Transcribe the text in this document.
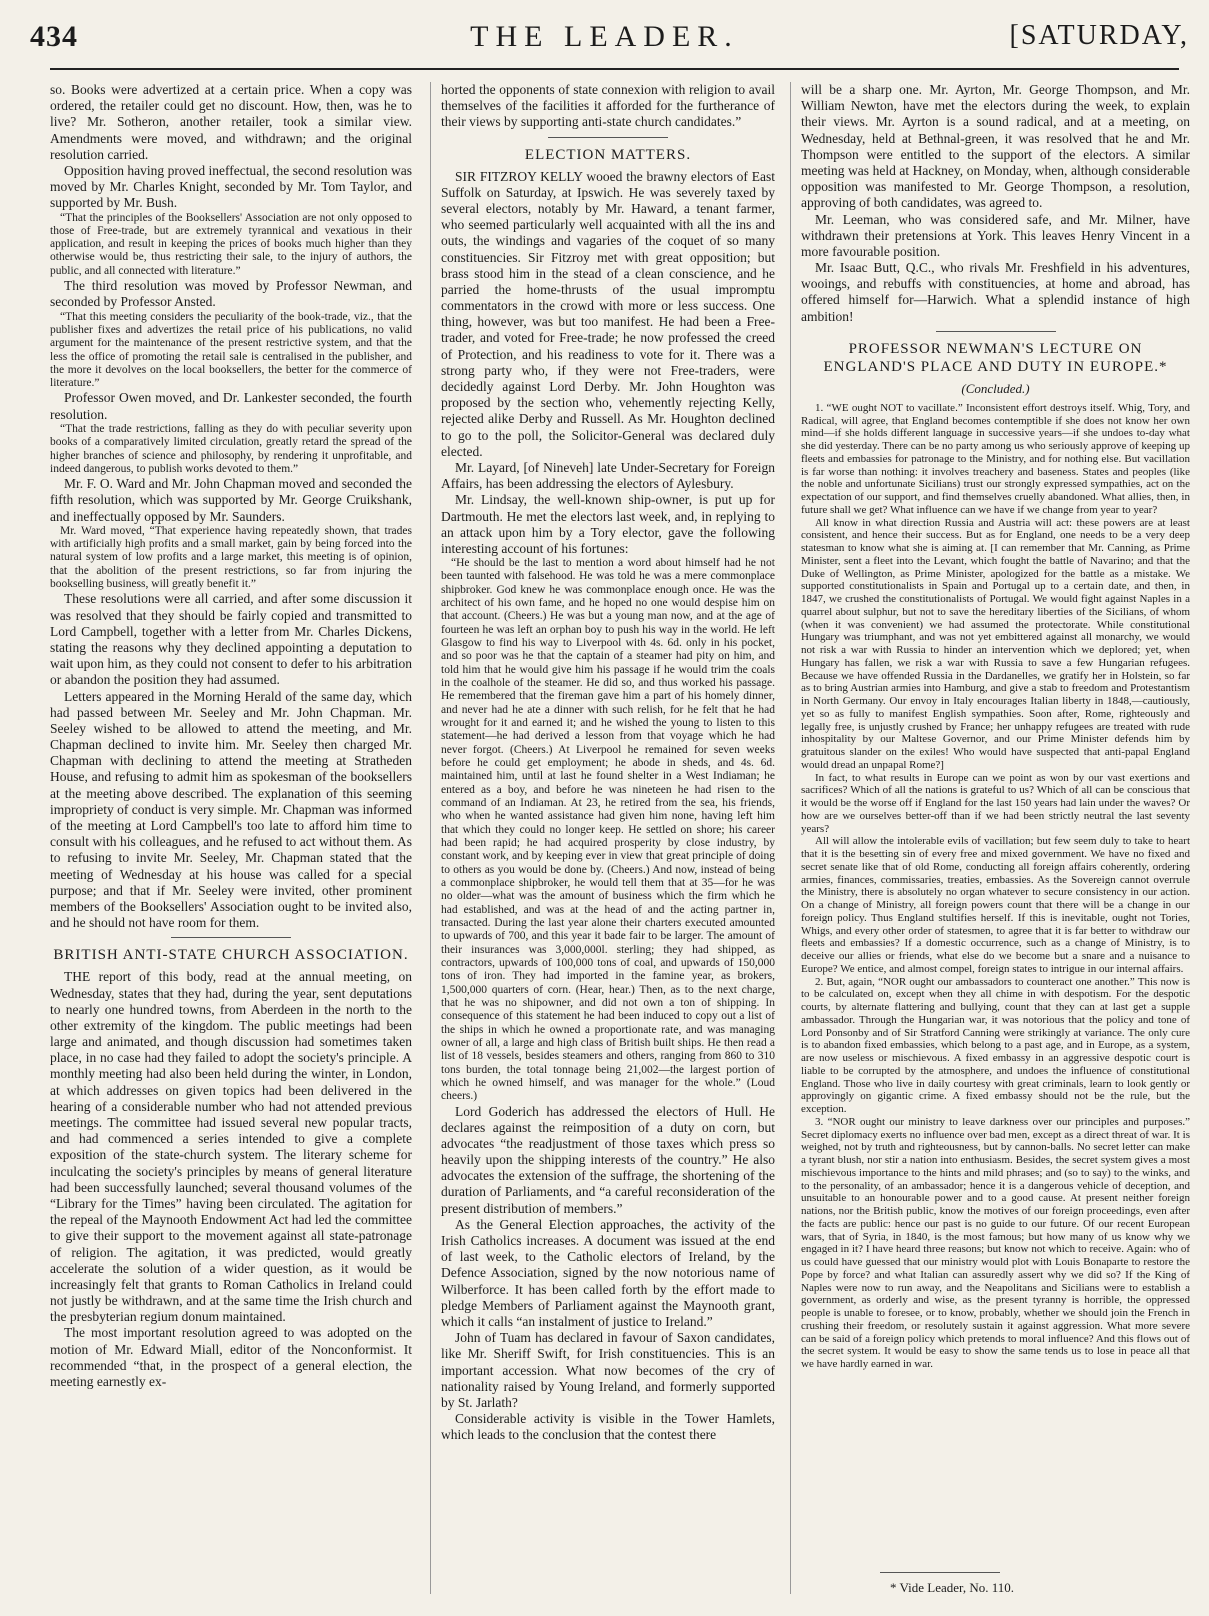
434	THE LEADER.	[SATURDAY,

so. Books were advertized at a certain price. When a copy was ordered, the retailer could get no discount. How, then, was he to live? Mr. Sotheron, another retailer, took a similar view. Amendments were moved, and withdrawn; and the original resolution carried.

Opposition having proved ineffectual, the second resolution was moved by Mr. Charles Knight, seconded by Mr. Tom Taylor, and supported by Mr. Bush.

“That the principles of the Booksellers' Association are not only opposed to those of Free-trade, but are extremely tyrannical and vexatious in their application, and result in keeping the prices of books much higher than they otherwise would be, thus restricting their sale, to the injury of authors, the public, and all connected with literature.”

The third resolution was moved by Professor Newman, and seconded by Professor Ansted.

“That this meeting considers the peculiarity of the book-trade, viz., that the publisher fixes and advertizes the retail price of his publications, no valid argument for the maintenance of the present restrictive system, and that the less the office of promoting the retail sale is centralised in the publisher, and the more it devolves on the local booksellers, the better for the commerce of literature.”

Professor Owen moved, and Dr. Lankester seconded, the fourth resolution.

“That the trade restrictions, falling as they do with peculiar severity upon books of a comparatively limited circulation, greatly retard the spread of the higher branches of science and philosophy, by rendering it unprofitable, and indeed dangerous, to publish works devoted to them.”

Mr. F. O. Ward and Mr. John Chapman moved and seconded the fifth resolution, which was supported by Mr. George Cruikshank, and ineffectually opposed by Mr. Saunders.

Mr. Ward moved, “That experience having repeatedly shown, that trades with artificially high profits and a small market, gain by being forced into the natural system of low profits and a large market, this meeting is of opinion, that the abolition of the present restrictions, so far from injuring the bookselling business, will greatly benefit it.”

These resolutions were all carried, and after some discussion it was resolved that they should be fairly copied and transmitted to Lord Campbell, together with a letter from Mr. Charles Dickens, stating the reasons why they declined appointing a deputation to wait upon him, as they could not consent to defer to his arbitration or abandon the position they had assumed.

Letters appeared in the Morning Herald of the same day, which had passed between Mr. Seeley and Mr. John Chapman. Mr. Seeley wished to be allowed to attend the meeting, and Mr. Chapman declined to invite him. Mr. Seeley then charged Mr. Chapman with declining to attend the meeting at Stratheden House, and refusing to admit him as spokesman of the booksellers at the meeting above described. The explanation of this seeming impropriety of conduct is very simple. Mr. Chapman was informed of the meeting at Lord Campbell's too late to afford him time to consult with his colleagues, and he refused to act without them. As to refusing to invite Mr. Seeley, Mr. Chapman stated that the meeting of Wednesday at his house was called for a special purpose; and that if Mr. Seeley were invited, other prominent members of the Booksellers' Association ought to be invited also, and he should not have room for them.

BRITISH ANTI-STATE CHURCH ASSOCIATION.

THE report of this body, read at the annual meeting, on Wednesday, states that they had, during the year, sent deputations to nearly one hundred towns, from Aberdeen in the north to the other extremity of the kingdom. The public meetings had been large and animated, and though discussion had sometimes taken place, in no case had they failed to adopt the society's principle. A monthly meeting had also been held during the winter, in London, at which addresses on given topics had been delivered in the hearing of a considerable number who had not attended previous meetings. The committee had issued several new popular tracts, and had commenced a series intended to give a complete exposition of the state-church system. The literary scheme for inculcating the society's principles by means of general literature had been successfully launched; several thousand volumes of the “Library for the Times” having been circulated. The agitation for the repeal of the Maynooth Endowment Act had led the committee to give their support to the movement against all state-patronage of religion. The agitation, it was predicted, would greatly accelerate the solution of a wider question, as it would be increasingly felt that grants to Roman Catholics in Ireland could not justly be withdrawn, and at the same time the Irish church and the presbyterian regium donum maintained.

The most important resolution agreed to was adopted on the motion of Mr. Edward Miall, editor of the Nonconformist. It recommended “that, in the prospect of a general election, the meeting earnestly ex-

horted the opponents of state connexion with religion to avail themselves of the facilities it afforded for the furtherance of their views by supporting anti-state church candidates.”

ELECTION MATTERS.

SIR FITZROY KELLY wooed the brawny electors of East Suffolk on Saturday, at Ipswich. He was severely taxed by several electors, notably by Mr. Haward, a tenant farmer, who seemed particularly well acquainted with all the ins and outs, the windings and vagaries of the coquet of so many constituencies. Sir Fitzroy met with great opposition; but brass stood him in the stead of a clean conscience, and he parried the home-thrusts of the usual impromptu commentators in the crowd with more or less success. One thing, however, was but too manifest. He had been a Free-trader, and voted for Free-trade; he now professed the creed of Protection, and his readiness to vote for it. There was a strong party who, if they were not Free-traders, were decidedly against Lord Derby. Mr. John Houghton was proposed by the section who, vehemently rejecting Kelly, rejected alike Derby and Russell. As Mr. Houghton declined to go to the poll, the Solicitor-General was declared duly elected.

Mr. Layard, [of Nineveh] late Under-Secretary for Foreign Affairs, has been addressing the electors of Aylesbury.

Mr. Lindsay, the well-known ship-owner, is put up for Dartmouth. He met the electors last week, and, in replying to an attack upon him by a Tory elector, gave the following interesting account of his fortunes:

“He should be the last to mention a word about himself had he not been taunted with falsehood. He was told he was a mere commonplace shipbroker. God knew he was commonplace enough once. He was the architect of his own fame, and he hoped no one would despise him on that account. (Cheers.) He was but a young man now, and at the age of fourteen he was left an orphan boy to push his way in the world. He left Glasgow to find his way to Liverpool with 4s. 6d. only in his pocket, and so poor was he that the captain of a steamer had pity on him, and told him that he would give him his passage if he would trim the coals in the coalhole of the steamer. He did so, and thus worked his passage. He remembered that the fireman gave him a part of his homely dinner, and never had he ate a dinner with such relish, for he felt that he had wrought for it and earned it; and he wished the young to listen to this statement—he had derived a lesson from that voyage which he had never forgot. (Cheers.) At Liverpool he remained for seven weeks before he could get employment; he abode in sheds, and 4s. 6d. maintained him, until at last he found shelter in a West Indiaman; he entered as a boy, and before he was nineteen he had risen to the command of an Indiaman. At 23, he retired from the sea, his friends, who when he wanted assistance had given him none, having left him that which they could no longer keep. He settled on shore; his career had been rapid; he had acquired prosperity by close industry, by constant work, and by keeping ever in view that great principle of doing to others as you would be done by. (Cheers.) And now, instead of being a commonplace shipbroker, he would tell them that at 35—for he was no older—what was the amount of business which the firm which he had established, and was at the head of and the acting partner in, transacted. During the last year alone their charters executed amounted to upwards of 700, and this year it bade fair to be larger. The amount of their insurances was 3,000,000l. sterling; they had shipped, as contractors, upwards of 100,000 tons of coal, and upwards of 150,000 tons of iron. They had imported in the famine year, as brokers, 1,500,000 quarters of corn. (Hear, hear.) Then, as to the next charge, that he was no shipowner, and did not own a ton of shipping. In consequence of this statement he had been induced to copy out a list of the ships in which he owned a proportionate rate, and was managing owner of all, a large and high class of British built ships. He then read a list of 18 vessels, besides steamers and others, ranging from 860 to 310 tons burden, the total tonnage being 21,002—the largest portion of which he owned himself, and was manager for the whole.” (Loud cheers.)

Lord Goderich has addressed the electors of Hull. He declares against the reimposition of a duty on corn, but advocates “the readjustment of those taxes which press so heavily upon the shipping interests of the country.” He also advocates the extension of the suffrage, the shortening of the duration of Parliaments, and “a careful reconsideration of the present distribution of members.”

As the General Election approaches, the activity of the Irish Catholics increases. A document was issued at the end of last week, to the Catholic electors of Ireland, by the Defence Association, signed by the now notorious name of Wilberforce. It has been called forth by the effort made to pledge Members of Parliament against the Maynooth grant, which it calls “an instalment of justice to Ireland.”

John of Tuam has declared in favour of Saxon candidates, like Mr. Sheriff Swift, for Irish constituencies. This is an important accession. What now becomes of the cry of nationality raised by Young Ireland, and formerly supported by St. Jarlath?

Considerable activity is visible in the Tower Hamlets, which leads to the conclusion that the contest there

will be a sharp one. Mr. Ayrton, Mr. George Thompson, and Mr. William Newton, have met the electors during the week, to explain their views. Mr. Ayrton is a sound radical, and at a meeting, on Wednesday, held at Bethnal-green, it was resolved that he and Mr. Thompson were entitled to the support of the electors. A similar meeting was held at Hackney, on Monday, when, although considerable opposition was manifested to Mr. George Thompson, a resolution, approving of both candidates, was agreed to.

Mr. Leeman, who was considered safe, and Mr. Milner, have withdrawn their pretensions at York. This leaves Henry Vincent in a more favourable position.

Mr. Isaac Butt, Q.C., who rivals Mr. Freshfield in his adventures, wooings, and rebuffs with constituencies, at home and abroad, has offered himself for—Harwich. What a splendid instance of high ambition!

PROFESSOR NEWMAN'S LECTURE ON ENGLAND'S PLACE AND DUTY IN EUROPE.*
(Concluded.)

1. “WE ought NOT to vacillate.” Inconsistent effort destroys itself. Whig, Tory, and Radical, will agree, that England becomes contemptible if she does not know her own mind—if she holds different language in successive years—if she undoes to-day what she did yesterday. There can be no party among us who seriously approve of keeping up fleets and embassies for patronage to the Ministry, and for nothing else. But vacillation is far worse than nothing: it involves treachery and baseness. States and peoples (like the noble and unfortunate Sicilians) trust our strongly expressed sympathies, act on the expectation of our support, and find themselves cruelly abandoned. What allies, then, in future shall we get? What influence can we have if we change from year to year?

All know in what direction Russia and Austria will act: these powers are at least consistent, and hence their success. But as for England, one needs to be a very deep statesman to know what she is aiming at. [I can remember that Mr. Canning, as Prime Minister, sent a fleet into the Levant, which fought the battle of Navarino; and that the Duke of Wellington, as Prime Minister, apologized for the battle as a mistake. We supported constitutionalists in Spain and Portugal up to a certain date, and then, in 1847, we crushed the constitutionalists of Portugal. We would fight against Naples in a quarrel about sulphur, but not to save the hereditary liberties of the Sicilians, of whom (when it was convenient) we had assumed the protectorate. While constitutional Hungary was triumphant, and was not yet embittered against all monarchy, we would not risk a war with Russia to hinder an intervention which we deplored; yet, when Hungary has fallen, we risk a war with Russia to save a few Hungarian refugees. Because we have offended Russia in the Dardanelles, we gratify her in Holstein, so far as to bring Austrian armies into Hamburg, and give a stab to freedom and Protestantism in North Germany. Our envoy in Italy encourages Italian liberty in 1848,—cautiously, yet so as fully to manifest English sympathies. Soon after, Rome, righteously and legally free, is unjustly crushed by France; her unhappy refugees are treated with rude inhospitality by our Maltese Governor, and our Prime Minister defends him by gratuitous slander on the exiles! Who would have suspected that anti-papal England would dread an unpapal Rome?]

In fact, to what results in Europe can we point as won by our vast exertions and sacrifices? Which of all the nations is grateful to us? Which of all can be conscious that it would be the worse off if England for the last 150 years had lain under the waves? Or how are we ourselves better-off than if we had been strictly neutral the last seventy years?

All will allow the intolerable evils of vacillation; but few seem duly to take to heart that it is the besetting sin of every free and mixed government. We have no fixed and secret senate like that of old Rome, conducting all foreign affairs coherently, ordering armies, finances, commissaries, treaties, embassies. As the Sovereign cannot overrule the Ministry, there is absolutely no organ whatever to secure consistency in our action. On a change of Ministry, all foreign powers count that there will be a change in our foreign policy. Thus England stultifies herself. If this is inevitable, ought not Tories, Whigs, and every other order of statesmen, to agree that it is far better to withdraw our fleets and embassies? If a domestic occurrence, such as a change of Ministry, is to deceive our allies or friends, what else do we become but a snare and a nuisance to Europe? We entice, and almost compel, foreign states to intrigue in our internal affairs.

2. But, again, “NOR ought our ambassadors to counteract one another.” This now is to be calculated on, except when they all chime in with despotism. For the despotic courts, by alternate flattering and bullying, count that they can at last get a supple ambassador. Through the Hungarian war, it was notorious that the policy and tone of Lord Ponsonby and of Sir Stratford Canning were strikingly at variance. The only cure is to abandon fixed embassies, which belong to a past age, and in Europe, as a system, are now useless or mischievous. A fixed embassy in an aggressive despotic court is liable to be corrupted by the atmosphere, and undoes the influence of constitutional England. Those who live in daily courtesy with great criminals, learn to look gently or approvingly on gigantic crime. A fixed embassy should not be the rule, but the exception.

3. “NOR ought our ministry to leave darkness over our principles and purposes.” Secret diplomacy exerts no influence over bad men, except as a direct threat of war. It is weighed, not by truth and righteousness, but by cannon-balls. No secret letter can make a tyrant blush, nor stir a nation into enthusiasm. Besides, the secret system gives a most mischievous importance to the hints and mild phrases; and (so to say) to the winks, and to the personality, of an ambassador; hence it is a dangerous vehicle of deception, and unsuitable to an honourable power and to a good cause. At present neither foreign nations, nor the British public, know the motives of our foreign proceedings, even after the facts are public: hence our past is no guide to our future. Of our recent European wars, that of Syria, in 1840, is the most famous; but how many of us know why we engaged in it? I have heard three reasons; but know not which to receive. Again: who of us could have guessed that our ministry would plot with Louis Bonaparte to restore the Pope by force? and what Italian can assuredly assert why we did so? If the King of Naples were now to run away, and the Neapolitans and Sicilians were to establish a government, as orderly and wise, as the present tyranny is horrible, the oppressed people is unable to foresee, or to know, probably, whether we should join the French in crushing their freedom, or resolutely sustain it against aggression. What more severe can be said of a foreign policy which pretends to moral influence? And this flows out of the secret system. It would be easy to show the same tends us to lose in peace all that we have hardly earned in war.

* Vide Leader, No. 110.
